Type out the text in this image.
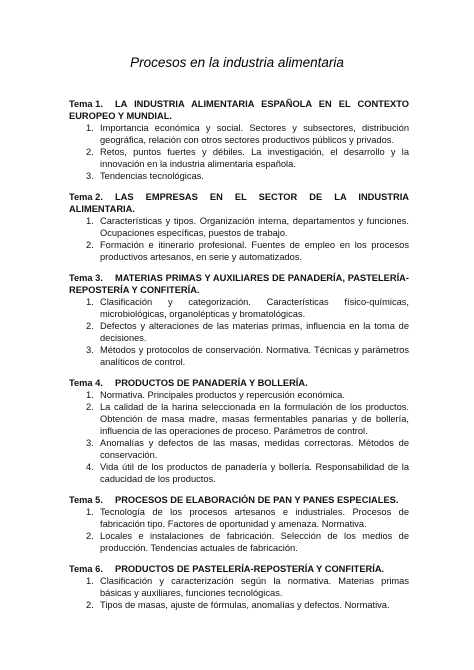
Procesos en la industria alimentaria

Tema 1. LA INDUSTRIA ALIMENTARIA ESPAÑOLA EN EL CONTEXTO EUROPEO Y MUNDIAL.

1. Importancia económica y social. Sectores y subsectores, distribución geográfica, relación con otros sectores productivos públicos y privados.
2. Retos, puntos fuertes y débiles. La investigación, el desarrollo y la innovación en la industria alimentaria española.
3. Tendencias tecnológicas.

Tema 2. LAS EMPRESAS EN EL SECTOR DE LA INDUSTRIA ALIMENTARIA.

1. Características y tipos. Organización interna, departamentos y funciones. Ocupaciones específicas, puestos de trabajo.
2. Formación e itinerario profesional. Fuentes de empleo en los procesos productivos artesanos, en serie y automatizados.

Tema 3. MATERIAS PRIMAS Y AUXILIARES DE PANADERÍA, PASTELERÍA-REPOSTERÍA Y CONFITERÍA.

1. Clasificación y categorización. Características físico-químicas, microbiológicas, organolépticas y bromatológicas.
2. Defectos y alteraciones de las materias primas, influencia en la toma de decisiones.
3. Métodos y protocolos de conservación. Normativa. Técnicas y parámetros analíticos de control.

Tema 4. PRODUCTOS DE PANADERÍA Y BOLLERÍA.

1. Normativa. Principales productos y repercusión económica.
2. La calidad de la harina seleccionada en la formulación de los productos. Obtención de masa madre, masas fermentables panarias y de bollería, influencia de las operaciones de proceso. Parámetros de control.
3. Anomalías y defectos de las masas, medidas correctoras. Métodos de conservación.
4. Vida útil de los productos de panadería y bollería. Responsabilidad de la caducidad de los productos.

Tema 5. PROCESOS DE ELABORACIÓN DE PAN Y PANES ESPECIALES.

1. Tecnología de los procesos artesanos e industriales. Procesos de fabricación tipo. Factores de oportunidad y amenaza. Normativa.
2. Locales e instalaciones de fabricación. Selección de los medios de producción. Tendencias actuales de fabricación.

Tema 6. PRODUCTOS DE PASTELERÍA-REPOSTERÍA Y CONFITERÍA.

1. Clasificación y caracterización según la normativa. Materias primas básicas y auxiliares, funciones tecnológicas.
2. Tipos de masas, ajuste de fórmulas, anomalías y defectos. Normativa.
